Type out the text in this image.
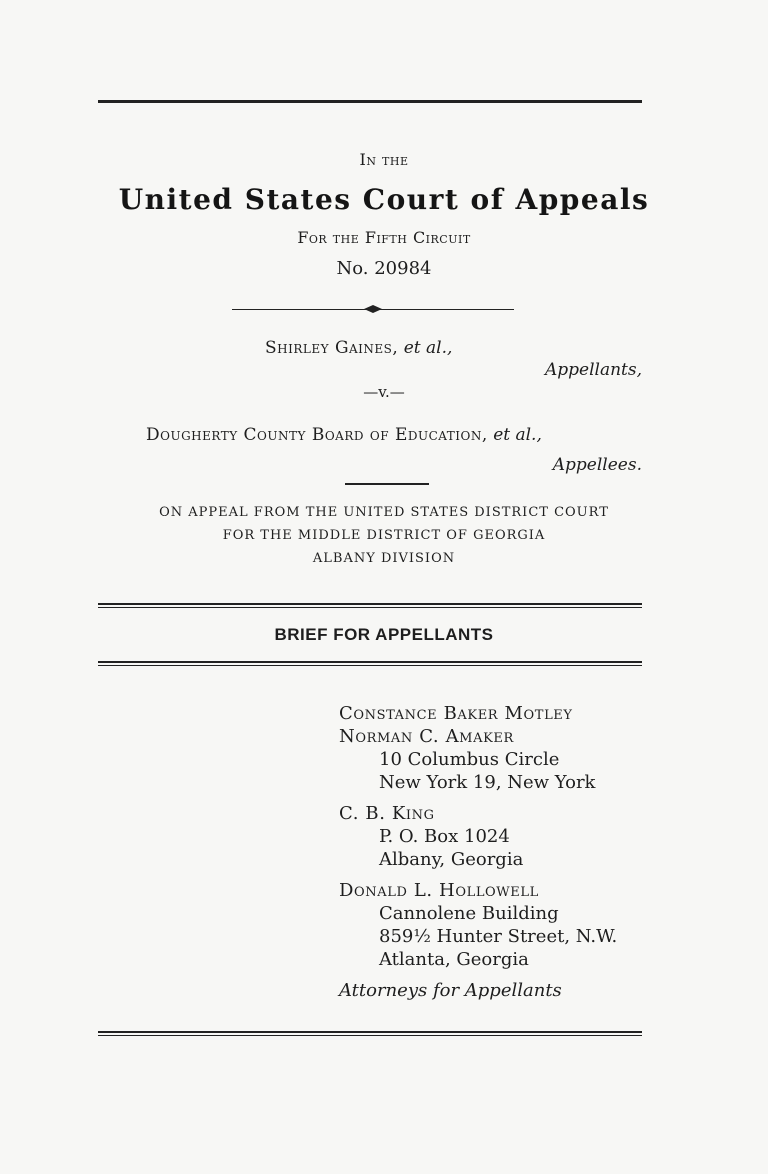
In the
United States Court of Appeals
For the Fifth Circuit
No. 20984
Shirley Gaines, et al.,
Appellants,
—v.—
Dougherty County Board of Education, et al.,
Appellees.
ON APPEAL FROM THE UNITED STATES DISTRICT COURT
FOR THE MIDDLE DISTRICT OF GEORGIA
ALBANY DIVISION
BRIEF FOR APPELLANTS
Constance Baker Motley
Norman C. Amaker
10 Columbus Circle
New York 19, New York
C. B. King
P. O. Box 1024
Albany, Georgia
Donald L. Hollowell
Cannolene Building
859½ Hunter Street, N.W.
Atlanta, Georgia
Attorneys for Appellants
